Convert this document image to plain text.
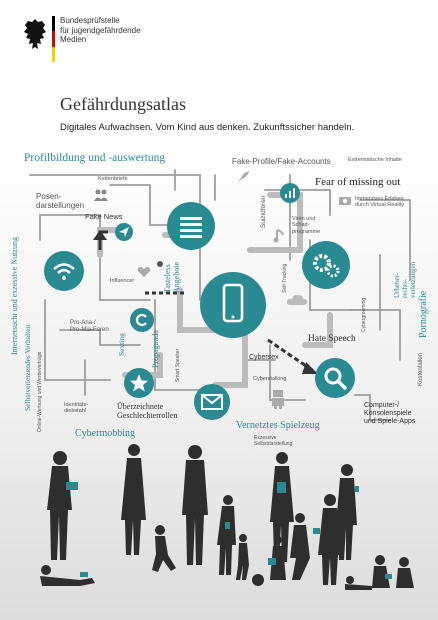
Bundesprüfstelle
für jugendgefährdende
Medien
Gefährdungsatlas
Digitales Aufwachsen. Vom Kind aus denken. Zukunftssicher handeln.
Profilbildung und -auswertung	Fake-Profile/Fake-Accounts	Extremistische Inhalte
Kettenbriefe	Fear of missing out
Posen-
darstellungen
Fake News	Suizidforen	Viren und
Schad-
programme
Immersives Erleben
durch Virtual Reality
Internetsucht und exzessive Nutzung	Influencer	Tasteless Angebote	Self-Tracking	Urheber- rechts- verletzungen
Pornografie
Cybergrooming
Selbstverletzendes Verhalten Online-Werbung und Werbeverträge
Sexting
Pro-Ana-/
Pro-Mia-Foren
Propaganda	Smart Speaker
Hate Speech
Kostenfallen
Cybersex
Identitäts-
diebstahl
Cyberstalking
Überzeichnete
Geschlechterrollen
Computer-/
Konsolenspiele
und Spiele-Apps
Cybermobbing
Vernetztes Spielzeug
Exzessive
Selbstdarstellung
